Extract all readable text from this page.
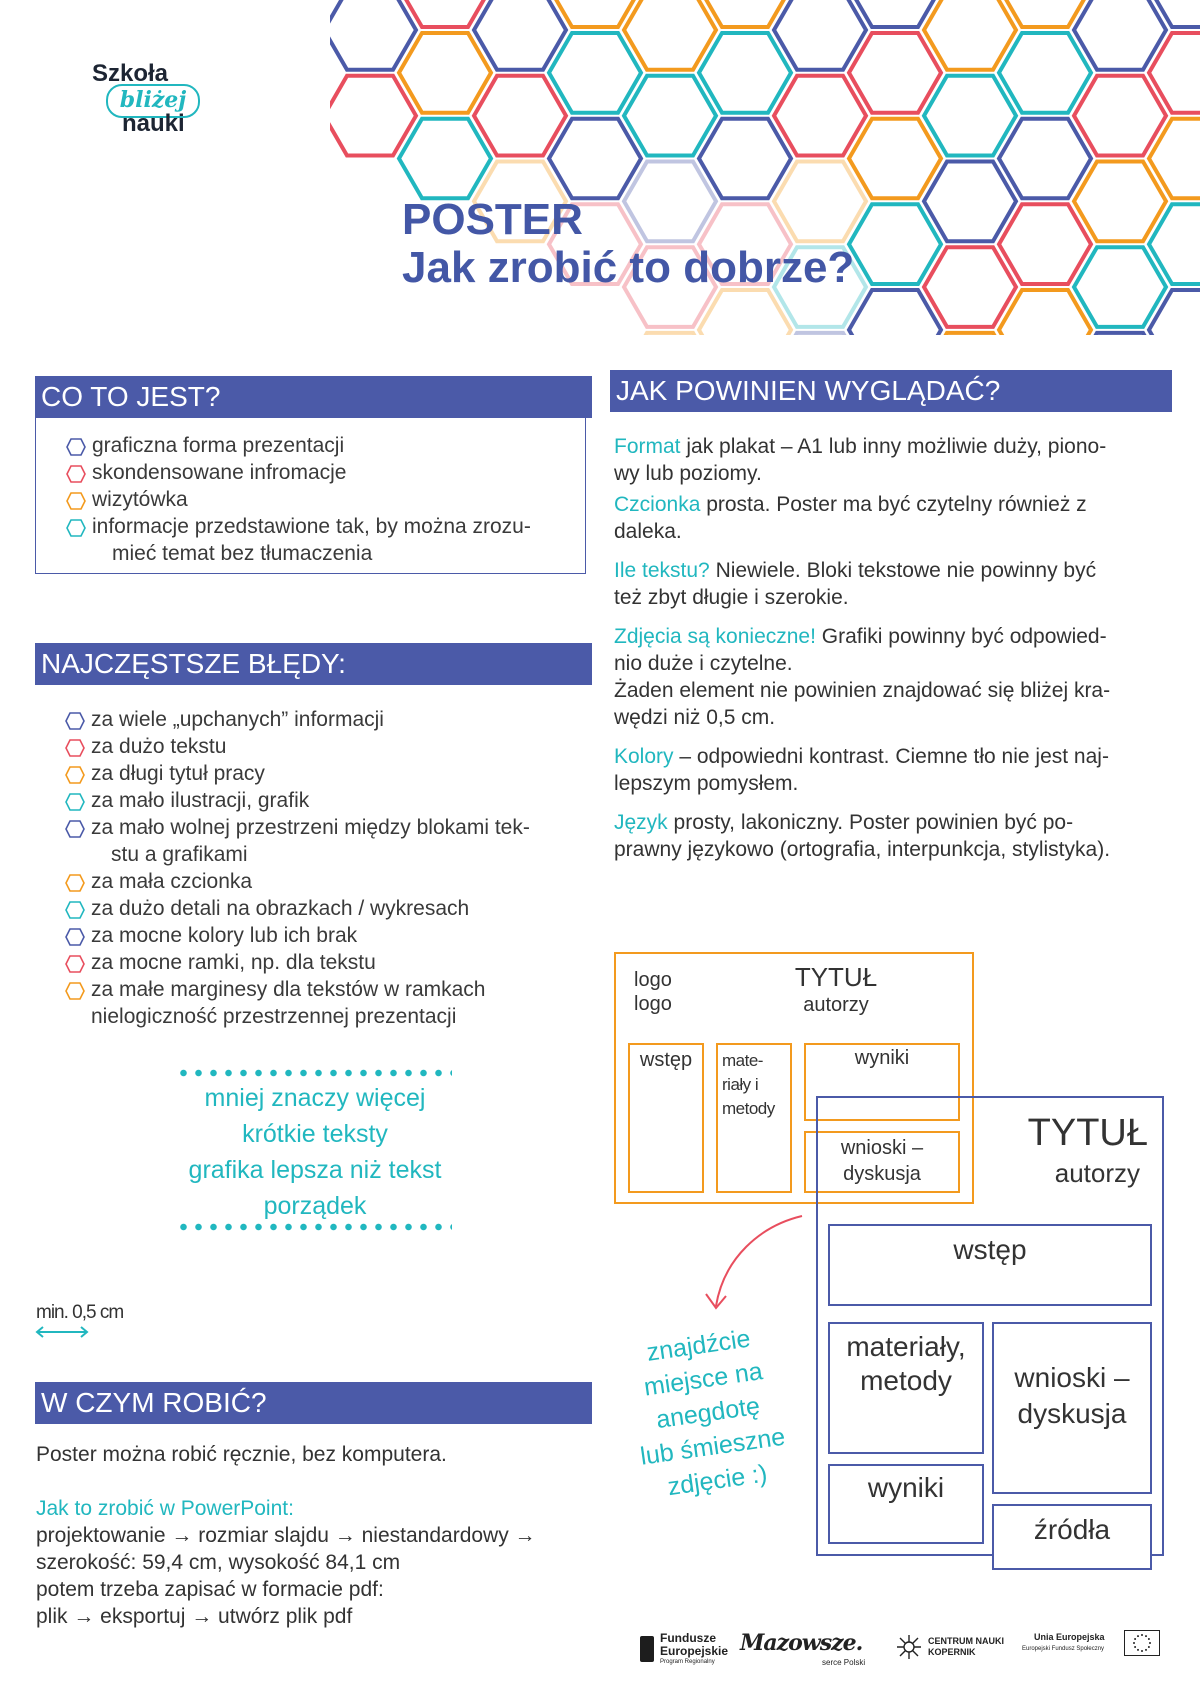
Szkoła
bliżej
nauki
POSTER
Jak zrobić to dobrze?
CO TO JEST?
graficzna forma prezentacji
skondensowane infromacje
wizytówka
informacje przedstawione tak, by można zrozu-
mieć temat bez tłumaczenia
NAJCZĘSTSZE BŁĘDY:
za wiele „upchanych” informacji
za dużo tekstu
za długi tytuł pracy
za mało ilustracji, grafik
za mało wolnej przestrzeni między blokami tek-
stu a grafikami
za mała czcionka
za dużo detali na obrazkach / wykresach
za mocne kolory lub ich brak
za mocne ramki, np. dla tekstu
za małe marginesy dla tekstów w ramkach
nielogiczność przestrzennej prezentacji
mniej znaczy więcej
krótkie teksty
grafika lepsza niż tekst
porządek
min. 0,5 cm
W CZYM ROBIĆ?
Poster można robić ręcznie, bez komputera.
Jak to zrobić w PowerPoint:
projektowanie → rozmiar slajdu → niestandardowy →
szerokość: 59,4 cm, wysokość 84,1 cm
potem trzeba zapisać w formacie pdf:
plik → eksportuj → utwórz plik pdf
JAK POWINIEN WYGLĄDAĆ?
Format jak plakat – A1 lub inny możliwie duży, piono-
wy lub poziomy.
Czcionka prosta. Poster ma być czytelny również z
daleka.
Ile tekstu? Niewiele. Bloki tekstowe nie powinny być
też zbyt długie i szerokie.
Zdjęcia są konieczne! Grafiki powinny być odpowied-
nio duże i czytelne.
Żaden element nie powinien znajdować się bliżej kra-
wędzi niż 0,5 cm.
Kolory – odpowiedni kontrast. Ciemne tło nie jest naj-
lepszym pomysłem.
Język prosty, lakoniczny. Poster powinien być po-
prawny językowo (ortografia, interpunkcja, stylistyka).
logo
logo
TYTUŁ
autorzy
wstęp	mate-
riały i
metody
wyniki
wnioski –
dyskusja
TYTUŁ
autorzy
wstęp
materiały,
metody	wnioski –
dyskusja
wyniki
źródła
znajdźcie
miejsce na
anegdotę
lub śmieszne
zdjęcie :)
Fundusze
Europejskie
Program Regionalny
Mazowsze.
serce Polski
CENTRUM NAUKI
KOPERNIK
Unia Europejska
Europejski Fundusz Społeczny
